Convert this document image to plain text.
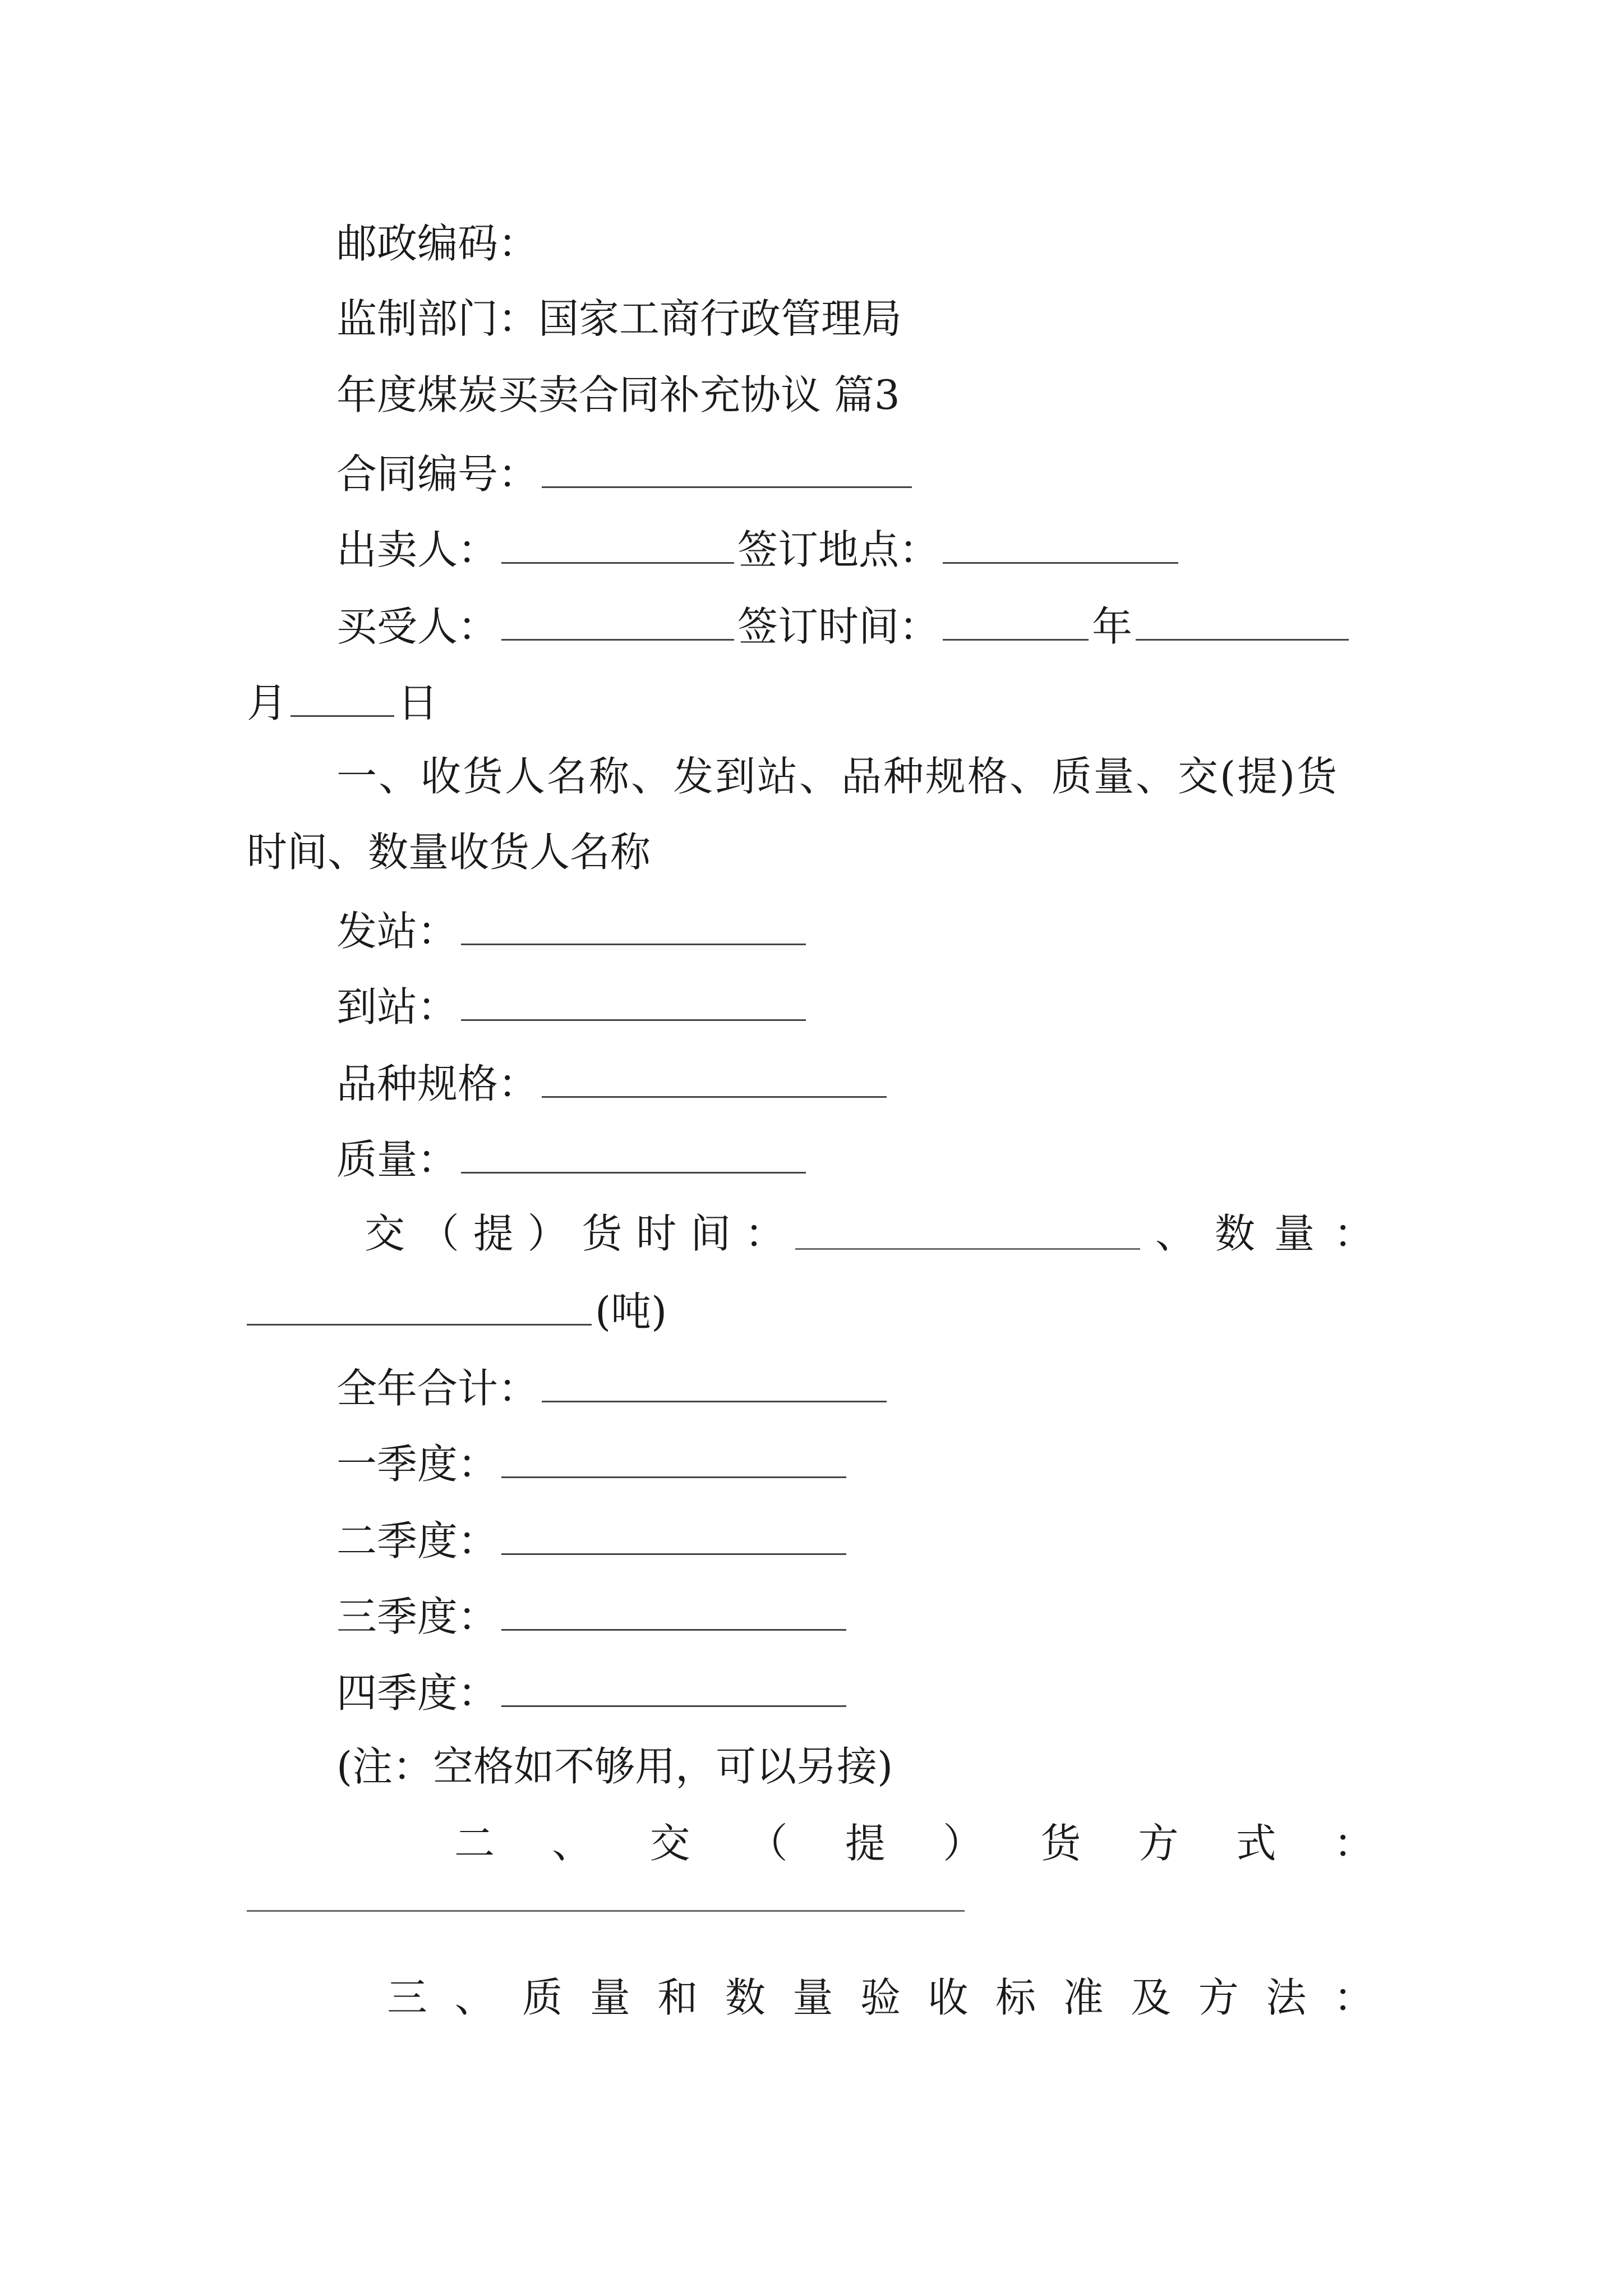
邮政编码：
监制部门：国家工商行政管理局
年度煤炭买卖合同补充协议 篇3
合同编号：
出卖人：	签订地点：
买受人：	签订时间：	年
月	日
一、收货人名称、发到站、品种规格、质量、交(提)货
时间、数量收货人名称
发站：
到站：
品种规格：
质量：
交 （ 提 ） 货 时 间 ：	、 数 量 ：
(吨)
全年合计：
一季度：
二季度：
三季度：
四季度：
(注：空格如不够用，可以另接)
二 、 交 （ 提 ） 货 方 式 ：
三 、 质 量 和 数 量 验 收 标 准 及 方 法 ：
